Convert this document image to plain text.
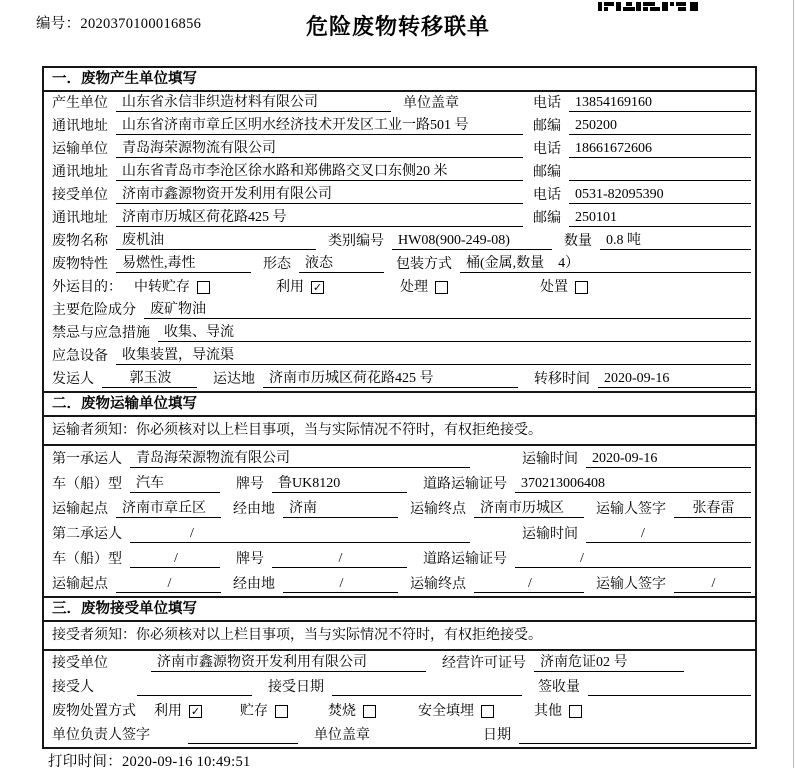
编号：2020370100016856	危险废物转移联单
一．废物产生单位填写
产生单位	山东省永信非织造材料有限公司	单位盖章	电话	13854169160
通讯地址	山东省济南市章丘区明水经济技术开发区工业一路501 号	邮编	250200
运输单位	青岛海荣源物流有限公司	电话	18661672606
通讯地址	山东省青岛市李沧区徐水路和郑佛路交叉口东侧20 米	邮编
接受单位	济南市鑫源物资开发利用有限公司	电话	0531-82095390
通讯地址	济南市历城区荷花路425 号	邮编	250101
废物名称	废机油	类别编号	HW08(900-249-08)	数量	0.8 吨
废物特性	易燃性,毒性	形态	液态	包装方式	桶(金属,数量　4）
外运目的： 中转贮存	利用 ✓	处理	处置
主要危险成分	废矿物油
禁忌与应急措施	收集、导流
应急设备	收集装置，导流渠
发运人	郭玉波	运达地	济南市历城区荷花路425 号	转移时间	2020-09-16
二．废物运输单位填写
运输者须知：你必须核对以上栏目事项，当与实际情况不符时，有权拒绝接受。
第一承运人	青岛海荣源物流有限公司	运输时间	2020-09-16
车（船）型	汽车	牌号	鲁UK8120	道路运输证号	370213006408
运输起点	济南市章丘区	经由地	济南	运输终点	济南市历城区	运输人签字	张春雷
第二承运人	/	运输时间	/
车（船）型	/	牌号	/	道路运输证号	/
运输起点	/	经由地	/	运输终点	/	运输人签字	/
三．废物接受单位填写
接受者须知：你必须核对以上栏目事项，当与实际情况不符时，有权拒绝接受。
接受单位	济南市鑫源物资开发利用有限公司	经营许可证号	济南危证02 号
接受人	接受日期	签收量
废物处置方式 利用 ✓	贮存	焚烧	安全填埋	其他
单位负责人签字	单位盖章	日期
打印时间：2020-09-16 10:49:51
